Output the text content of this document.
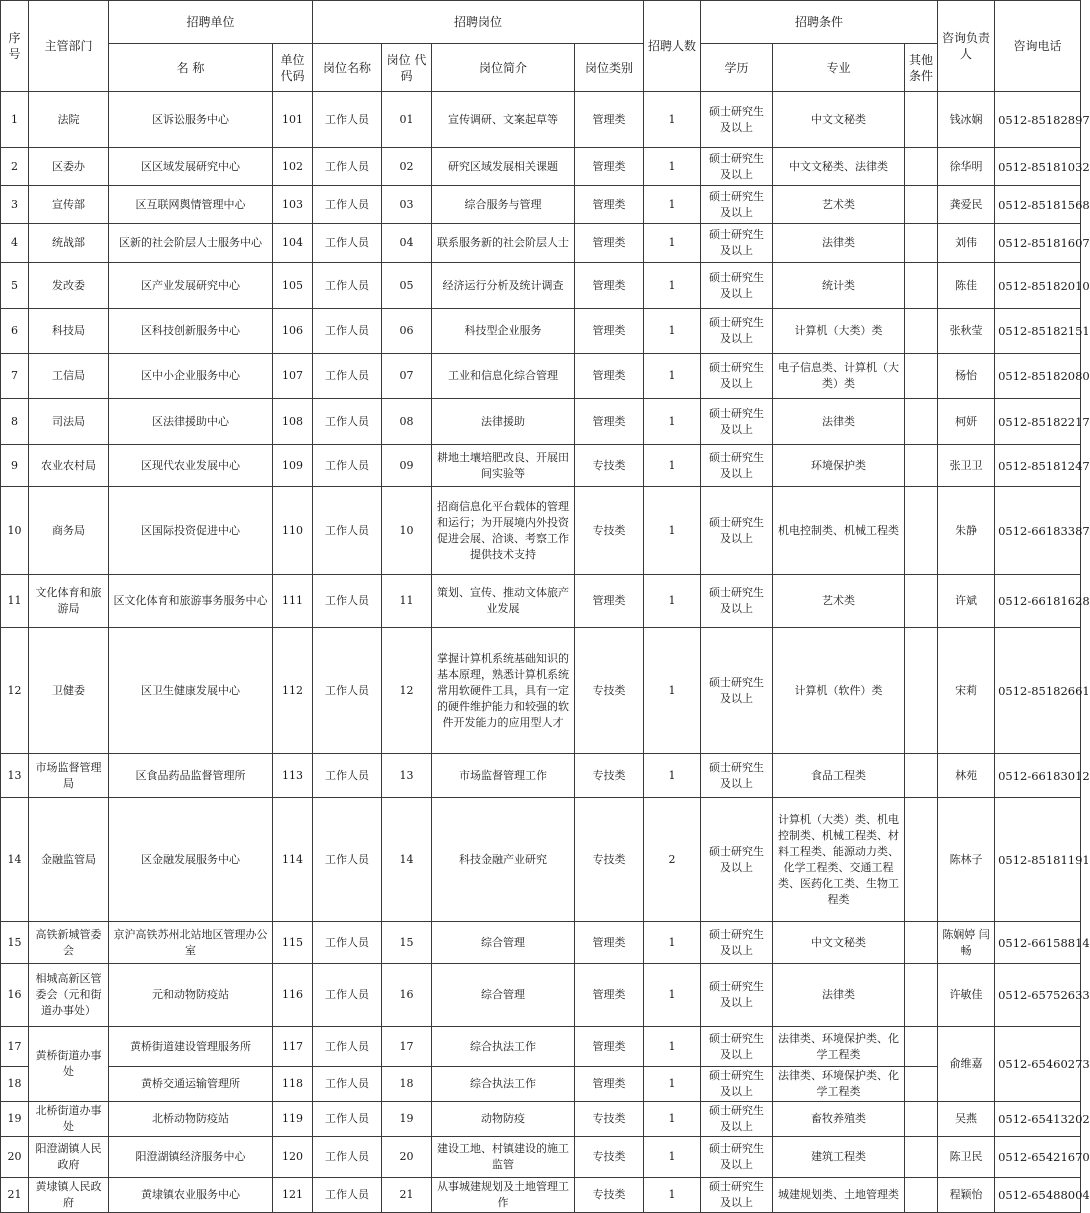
序号	主管部门	招聘单位		招聘岗位				招聘人数	招聘条件			咨询负责人	咨询电话
		名 称	单位代码	岗位名称	岗位 代码	岗位简介	岗位类别		学历	专业	其他条件		
1	法院	区诉讼服务中心	101	工作人员	01	宣传调研、文案起草等	管理类	1	硕士研究生及以上	中文文秘类		钱冰娴	0512-85182897
2	区委办	区区域发展研究中心	102	工作人员	02	研究区域发展相关课题	管理类	1	硕士研究生及以上	中文文秘类、法律类		徐华明	0512-85181032
3	宣传部	区互联网舆情管理中心	103	工作人员	03	综合服务与管理	管理类	1	硕士研究生及以上	艺术类		龚爱民	0512-85181568
4	统战部	区新的社会阶层人士服务中心	104	工作人员	04	联系服务新的社会阶层人士	管理类	1	硕士研究生及以上	法律类		刘伟	0512-85181607
5	发改委	区产业发展研究中心	105	工作人员	05	经济运行分析及统计调查	管理类	1	硕士研究生及以上	统计类		陈佳	0512-85182010
6	科技局	区科技创新服务中心	106	工作人员	06	科技型企业服务	管理类	1	硕士研究生及以上	计算机（大类）类		张秋莹	0512-85182151
7	工信局	区中小企业服务中心	107	工作人员	07	工业和信息化综合管理	管理类	1	硕士研究生及以上	电子信息类、计算机（大类）类		杨怡	0512-85182080
8	司法局	区法律援助中心	108	工作人员	08	法律援助	管理类	1	硕士研究生及以上	法律类		柯妍	0512-85182217
9	农业农村局	区现代农业发展中心	109	工作人员	09	耕地土壤培肥改良、开展田间实验等	专技类	1	硕士研究生及以上	环境保护类		张卫卫	0512-85181247
10	商务局	区国际投资促进中心	110	工作人员	10	招商信息化平台载体的管理和运行；为开展境内外投资促进会展、洽谈、考察工作提供技术支持	专技类	1	硕士研究生及以上	机电控制类、机械工程类		朱静	0512-66183387
11	文化体育和旅游局	区文化体育和旅游事务服务中心	111	工作人员	11	策划、宣传、推动文体旅产业发展	管理类	1	硕士研究生及以上	艺术类		许斌	0512-66181628
12	卫健委	区卫生健康发展中心	112	工作人员	12	掌握计算机系统基础知识的基本原理，熟悉计算机系统常用软硬件工具，具有一定的硬件维护能力和较强的软件开发能力的应用型人才	专技类	1	硕士研究生及以上	计算机（软件）类		宋莉	0512-85182661
13	市场监督管理局	区食品药品监督管理所	113	工作人员	13	市场监督管理工作	专技类	1	硕士研究生及以上	食品工程类		林苑	0512-66183012
14	金融监管局	区金融发展服务中心	114	工作人员	14	科技金融产业研究	专技类	2	硕士研究生及以上	计算机（大类）类、机电控制类、机械工程类、材料工程类、能源动力类、化学工程类、交通工程类、医药化工类、生物工程类		陈林子	0512-85181191
15	高铁新城管委会	京沪高铁苏州北站地区管理办公室	115	工作人员	15	综合管理	管理类	1	硕士研究生及以上	中文文秘类		陈娴婷 闫畅	0512-66158814
16	相城高新区管委会（元和街道办事处）	元和动物防疫站	116	工作人员	16	综合管理	管理类	1	硕士研究生及以上	法律类		许敏佳	0512-65752633
17	黄桥街道办事处	黄桥街道建设管理服务所	117	工作人员	17	综合执法工作	管理类	1	硕士研究生及以上	法律类、环境保护类、化学工程类		俞维嘉	0512-65460273
18		黄桥交通运输管理所	118	工作人员	18	综合执法工作	管理类	1	硕士研究生及以上	法律类、环境保护类、化学工程类			
19	北桥街道办事处	北桥动物防疫站	119	工作人员	19	动物防疫	专技类	1	硕士研究生及以上	畜牧养殖类		吴燕	0512-65413202
20	阳澄湖镇人民政府	阳澄湖镇经济服务中心	120	工作人员	20	建设工地、村镇建设的施工监管	专技类	1	硕士研究生及以上	建筑工程类		陈卫民	0512-65421670
21	黄埭镇人民政府	黄埭镇农业服务中心	121	工作人员	21	从事城建规划及土地管理工作	专技类	1	硕士研究生及以上	城建规划类、土地管理类		程颖怡	0512-65488004
